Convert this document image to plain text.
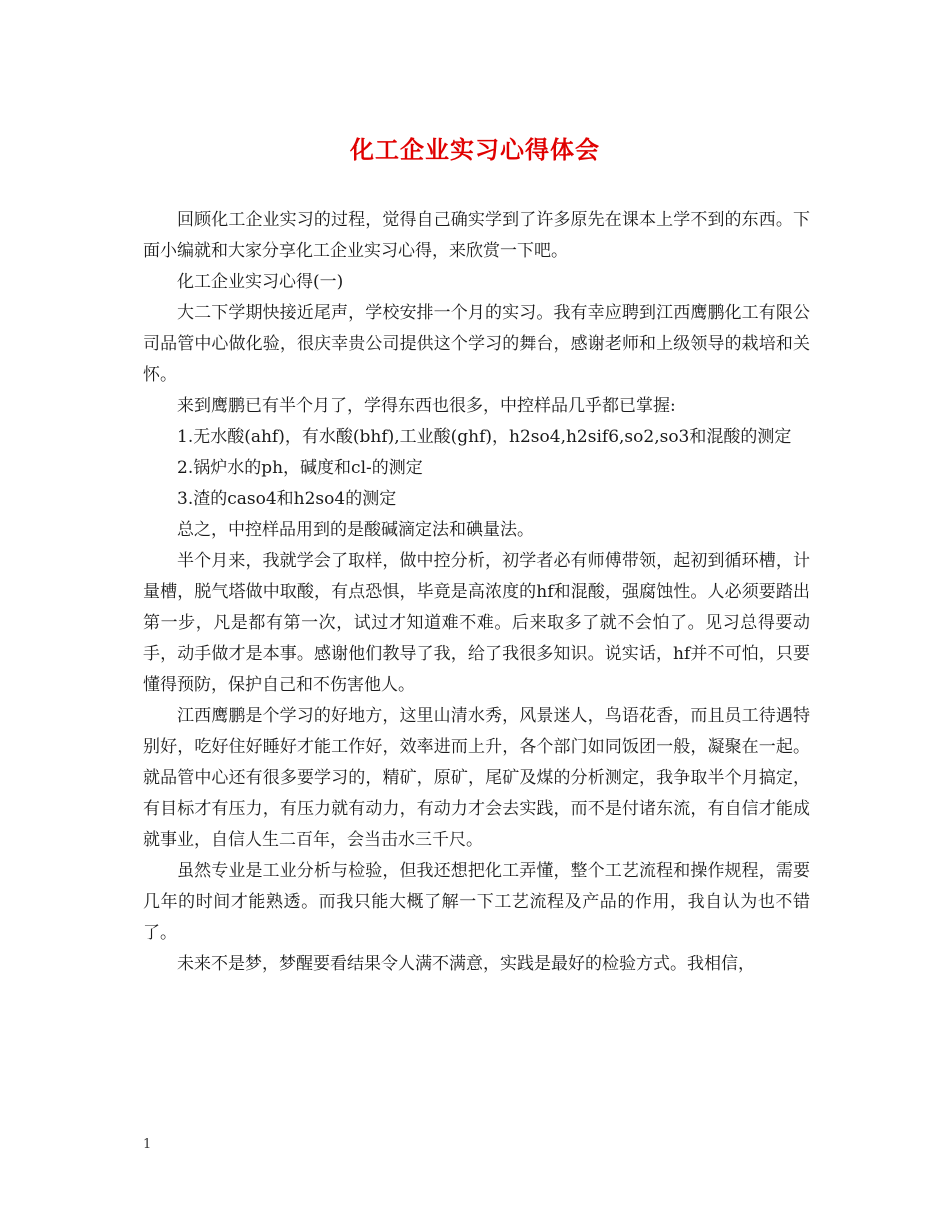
化工企业实习心得体会

回顾化工企业实习的过程，觉得自己确实学到了许多原先在课本上学不到的东西。下面小编就和大家分享化工企业实习心得，来欣赏一下吧。

化工企业实习心得(一)

大二下学期快接近尾声，学校安排一个月的实习。我有幸应聘到江西鹰鹏化工有限公司品管中心做化验，很庆幸贵公司提供这个学习的舞台，感谢老师和上级领导的栽培和关怀。

来到鹰鹏已有半个月了，学得东西也很多，中控样品几乎都已掌握:

1.无水酸(ahf)，有水酸(bhf),工业酸(ghf)，h2so4,h2sif6,so2,so3和混酸的测定

2.锅炉水的ph，碱度和cl-的测定

3.渣的caso4和h2so4的测定

总之，中控样品用到的是酸碱滴定法和碘量法。

半个月来，我就学会了取样，做中控分析，初学者必有师傅带领，起初到循环槽，计量槽，脱气塔做中取酸，有点恐惧，毕竟是高浓度的hf和混酸，强腐蚀性。人必须要踏出第一步，凡是都有第一次，试过才知道难不难。后来取多了就不会怕了。见习总得要动手，动手做才是本事。感谢他们教导了我，给了我很多知识。说实话，hf并不可怕，只要懂得预防，保护自己和不伤害他人。

江西鹰鹏是个学习的好地方，这里山清水秀，风景迷人，鸟语花香，而且员工待遇特别好，吃好住好睡好才能工作好，效率进而上升，各个部门如同饭团一般，凝聚在一起。就品管中心还有很多要学习的，精矿，原矿，尾矿及煤的分析测定，我争取半个月搞定，有目标才有压力，有压力就有动力，有动力才会去实践，而不是付诸东流，有自信才能成就事业，自信人生二百年，会当击水三千尺。

虽然专业是工业分析与检验，但我还想把化工弄懂，整个工艺流程和操作规程，需要几年的时间才能熟透。而我只能大概了解一下工艺流程及产品的作用，我自认为也不错了。

未来不是梦，梦醒要看结果令人满不满意，实践是最好的检验方式。我相信，

1
